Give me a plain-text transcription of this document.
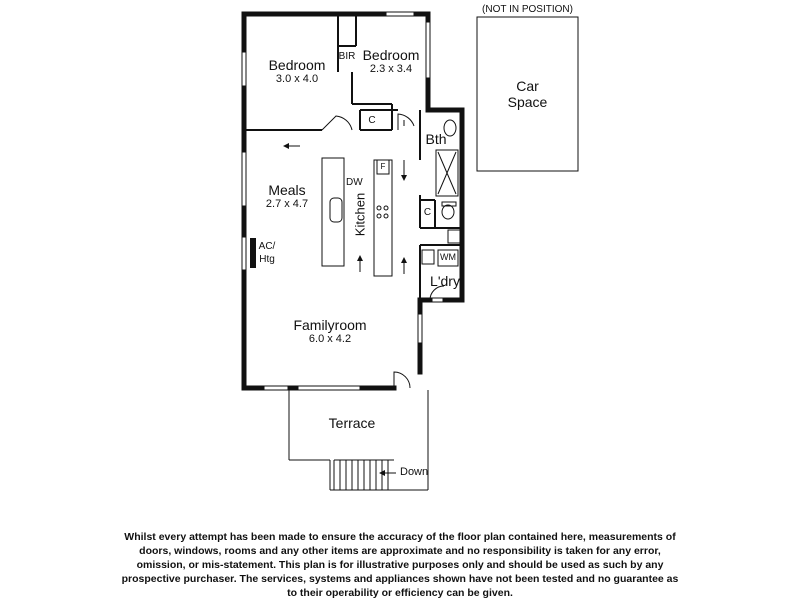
(NOT IN POSITION)
Car
Space
Bedroom
3.0 x 4.0
Bedroom
2.3 x 3.4
BIR
C
Meals
2.7 x 4.7	Kitchen
DW
F
AC/
Htg
Bth
C
WM
L'dry
Familyroom
6.0 x 4.2
Terrace
Down
Whilst every attempt has been made to ensure the accuracy of the floor plan contained here, measurements of doors, windows, rooms and any other items are approximate and no responsibility is taken for any error, omission, or mis-statement. This plan is for illustrative purposes only and should be used as such by any prospective purchaser. The services, systems and appliances shown have not been tested and no guarantee as to their operability or efficiency can be given.
